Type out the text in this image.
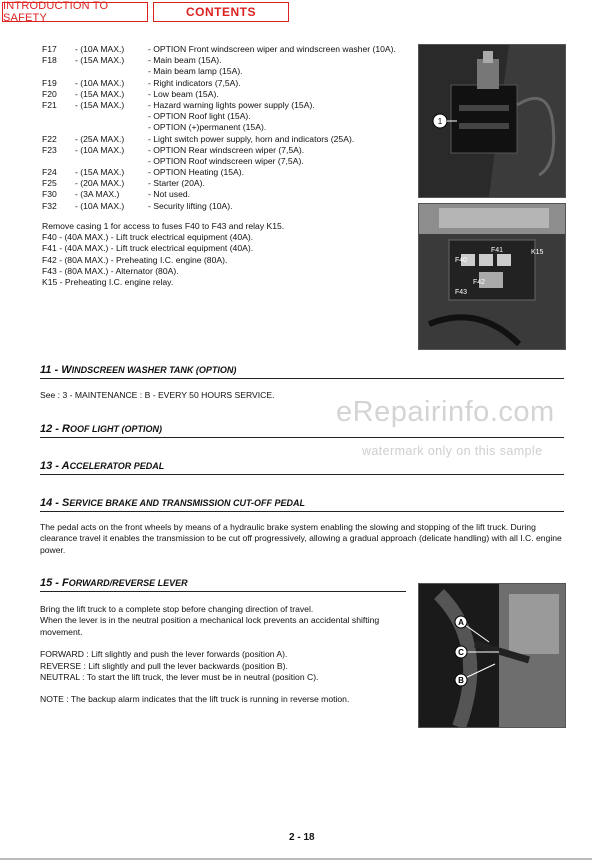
INTRODUCTION TO SAFETY	CONTENTS
F17	- (10A MAX.)	- OPTION Front windscreen wiper and windscreen washer (10A).
F18	- (15A MAX.)	- Main beam (15A).
- Main beam lamp (15A).
F19	- (10A MAX.)	- Right indicators (7,5A).
F20	- (15A MAX.)	- Low beam (15A).
F21	- (15A MAX.)	- Hazard warning lights power supply (15A).
- OPTION Roof light (15A).
- OPTION (+)permanent (15A).
F22	- (25A MAX.)	- Light switch power supply, horn and indicators (25A).
F23	- (10A MAX.)	- OPTION Rear windscreen wiper (7,5A).
- OPTION Roof windscreen wiper (7,5A).
F24	- (15A MAX.)	- OPTION Heating (15A).
F25	- (20A MAX.)	- Starter (20A).
F30	- (3A MAX.)	- Not used.
F32	- (10A MAX.)	- Security lifting (10A).
Remove casing 1 for access to fuses F40 to F43 and relay K15.
F40 - (40A MAX.) - Lift truck electrical equipment (40A).
F41 - (40A MAX.) - Lift truck electrical equipment (40A).
F42 - (80A MAX.) - Preheating I.C. engine (80A).
F43 - (80A MAX.) - Alternator (80A).
K15 - Preheating I.C. engine relay.
1
F40
F41	K15
F42
F43
11 - WINDSCREEN WASHER TANK (OPTION)
See : 3 - MAINTENANCE : B - EVERY 50 HOURS SERVICE.
eRepairinfo.com
watermark only on this sample
12 - ROOF LIGHT (OPTION)
13 - ACCELERATOR PEDAL
14 - SERVICE BRAKE AND TRANSMISSION CUT-OFF PEDAL
The pedal acts on the front wheels by means of a hydraulic brake system enabling the slowing and stopping of the lift truck. During clearance travel it enables the transmission to be cut off progressively, allowing a gradual approach (delicate handling) with all I.C. engine power.
15 - FORWARD/REVERSE LEVER
Bring the lift truck to a complete stop before changing direction of travel.
When the lever is in the neutral position a mechanical lock prevents an accidental shifting movement.
FORWARD : Lift slightly and push the lever forwards (position A).
REVERSE : Lift slightly and pull the lever backwards (position B).
NEUTRAL : To start the lift truck, the lever must be in neutral (position C).
NOTE : The backup alarm indicates that the lift truck is running in reverse motion.
A
C
B
2 - 18
